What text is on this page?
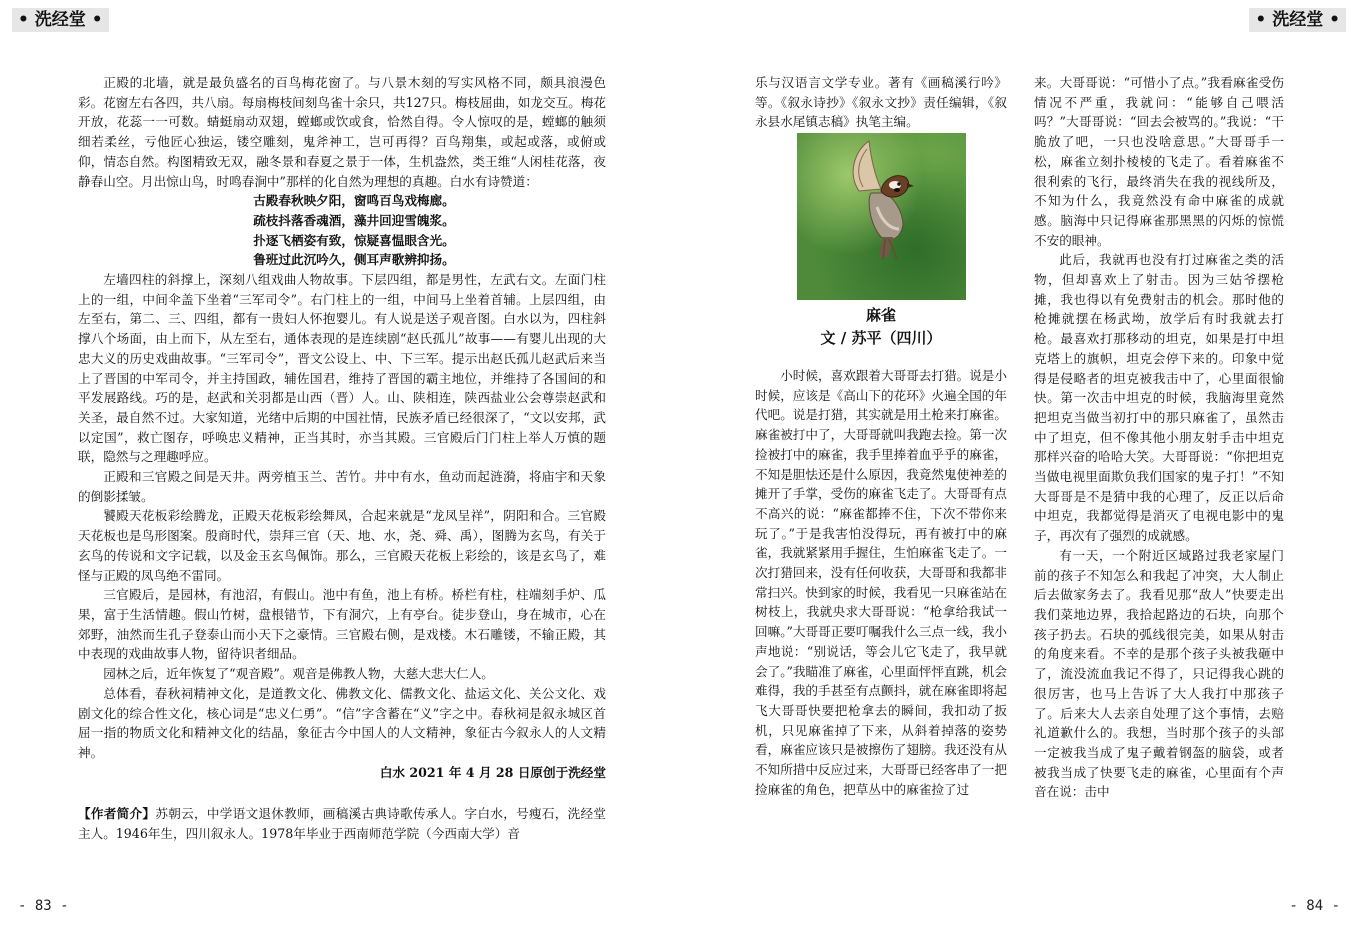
• 洗经堂 •

正殿的北墙，就是最负盛名的百鸟梅花窗了。与八景木刻的写实风格不同，颇具浪漫色彩。花窗左右各四，共八扇。每扇梅枝间刻鸟雀十余只，共127只。梅枝屈曲，如龙交互。梅花开放，花蕊一一可数。蜻蜓扇动双翅，螳螂或饮或食，恰然自得。令人惊叹的是，螳螂的触须细若柔丝，亏他匠心独运，镂空雕刻，鬼斧神工，岂可再得？百鸟翔集，或起或落，或俯或仰，情态自然。构图精致无双，融冬景和春夏之景于一体，生机盎然，类王维“人闲桂花落，夜静春山空。月出惊山鸟，时鸣春涧中”那样的化自然为理想的真趣。白水有诗赞道：

古殿春秋映夕阳，窗鸣百鸟戏梅廊。

疏枝抖落香魂酒，藻井回迎雪魄浆。

扑逐飞栖姿有致，惊疑喜愠眼含光。

鲁班过此沉吟久，侧耳声歌辨抑扬。

左墙四柱的斜撑上，深刻八组戏曲人物故事。下层四组，都是男性，左武右文。左面门柱上的一组，中间伞盖下坐着“三军司令”。右门柱上的一组，中间马上坐着首辅。上层四组，由左至右，第二、三、四组，都有一贵妇人怀抱婴儿。有人说是送子观音图。白水以为，四柱斜撑八个场面，由上而下，从左至右，通体表现的是连续剧“赵氏孤儿”故事——有婴儿出现的大忠大义的历史戏曲故事。“三军司令”，晋文公设上、中、下三军。提示出赵氏孤儿赵武后来当上了晋国的中军司令，并主持国政，辅佐国君，维持了晋国的霸主地位，并维持了各国间的和平发展路线。巧的是，赵武和关羽都是山西（晋）人。山、陕相连，陕西盐业公会尊崇赵武和关圣，最自然不过。大家知道，光绪中后期的中国社情，民族矛盾已经很深了，“文以安邦，武以定国”，救亡图存，呼唤忠义精神，正当其时，亦当其殿。三官殿后门门柱上举人万慎的题联，隐然与之理趣呼应。

正殿和三官殿之间是天井。两旁植玉兰、苦竹。井中有水，鱼动而起涟漪，将庙宇和天象的倒影揉皱。

饕殿天花板彩绘腾龙，正殿天花板彩绘舞凤，合起来就是“龙凤呈祥”，阴阳和合。三官殿天花板也是鸟形图案。殷商时代，崇拜三官（天、地、水，尧、舜、禹），图腾为玄鸟，有关于玄鸟的传说和文字记载，以及金玉玄鸟佩饰。那么，三官殿天花板上彩绘的，该是玄鸟了，难怪与正殿的凤鸟绝不雷同。

三官殿后，是园林，有池沼，有假山。池中有鱼，池上有桥。桥栏有柱，柱端刻手炉、瓜果，富于生活情趣。假山竹树，盘根错节，下有洞穴，上有亭台。徒步登山，身在城市，心在郊野，油然而生孔子登泰山而小天下之豪情。三官殿右侧，是戏楼。木石雕镂，不输正殿，其中表现的戏曲故事人物，留待识者细品。

园林之后，近年恢复了“观音殿”。观音是佛教人物，大慈大悲大仁人。

总体看，春秋祠精神文化，是道教文化、佛教文化、儒教文化、盐运文化、关公文化、戏剧文化的综合性文化，核心词是“忠义仁勇”。“信”字含蓄在“义”字之中。春秋祠是叙永城区首屈一指的物质文化和精神文化的结晶，象征古今中国人的人文精神，象征古今叙永人的人文精神。

白水 2021 年 4 月 28 日原创于洗经堂

【作者简介】苏朝云，中学语文退休教师，画稿溪古典诗歌传承人。字白水，号瘦石，洗经堂主人。1946年生，四川叙永人。1978年毕业于西南师范学院（今西南大学）音

- 83 -
• 洗经堂 •

乐与汉语言文学专业。著有《画稿溪行吟》等。《叙永诗抄》《叙永文抄》责任编辑，《叙永县水尾镇志稿》执笔主编。

麻雀
文 / 苏平（四川）

小时候，喜欢跟着大哥哥去打猎。说是小时候，应该是《高山下的花环》火遍全国的年代吧。说是打猎，其实就是用土枪来打麻雀。麻雀被打中了，大哥哥就叫我跑去捡。第一次捡被打中的麻雀，我手里捧着血乎乎的麻雀，不知是胆怯还是什么原因，我竟然鬼使神差的摊开了手掌，受伤的麻雀飞走了。大哥哥有点不高兴的说：“麻雀都捧不住，下次不带你来玩了。”于是我害怕没得玩，再有被打中的麻雀，我就紧紧用手握住，生怕麻雀飞走了。一次打猎回来，没有任何收获，大哥哥和我都非常扫兴。快到家的时候，我看见一只麻雀站在树枝上，我就央求大哥哥说：“枪拿给我试一回嘛。”大哥哥正要叮嘱我什么三点一线，我小声地说：“别说话，等会儿它飞走了，我早就会了。”我瞄准了麻雀，心里面怦怦直跳，机会难得，我的手甚至有点颤抖，就在麻雀即将起飞大哥哥快要把枪拿去的瞬间，我扣动了扳机，只见麻雀掉了下来，从斜着掉落的姿势看，麻雀应该只是被擦伤了翅膀。我还没有从不知所措中反应过来，大哥哥已经客串了一把捡麻雀的角色，把草丛中的麻雀捡了过

来。大哥哥说：“可惜小了点。”我看麻雀受伤情况不严重，我就问：“能够自己喂活吗？”大哥哥说：“回去会被骂的。”我说：“干脆放了吧，一只也没啥意思。”大哥哥手一松，麻雀立刻扑棱棱的飞走了。看着麻雀不很利索的飞行，最终消失在我的视线所及，不知为什么，我竟然没有命中麻雀的成就感。脑海中只记得麻雀那黑黑的闪烁的惊慌不安的眼神。

此后，我就再也没有打过麻雀之类的活物，但却喜欢上了射击。因为三姑爷摆枪摊，我也得以有免费射击的机会。那时他的枪摊就摆在杨武坳，放学后有时我就去打枪。最喜欢打那移动的坦克，如果是打中坦克塔上的旗帜，坦克会停下来的。印象中觉得是侵略者的坦克被我击中了，心里面很愉快。第一次击中坦克的时候，我脑海里竟然把坦克当做当初打中的那只麻雀了，虽然击中了坦克，但不像其他小朋友射手击中坦克那样兴奋的哈哈大笑。大哥哥说：“你把坦克当做电视里面欺负我们国家的鬼子打！”不知大哥哥是不是猜中我的心理了，反正以后命中坦克，我都觉得是消灭了电视电影中的鬼子，再次有了强烈的成就感。

有一天，一个附近区域路过我老家屋门前的孩子不知怎么和我起了冲突，大人制止后去做家务去了。我看见那“敌人”快要走出我们菜地边界，我拾起路边的石块，向那个孩子扔去。石块的弧线很完美，如果从射击的角度来看。不幸的是那个孩子头被我砸中了，流没流血我记不得了，只记得我心跳的很厉害，也马上告诉了大人我打中那孩子了。后来大人去亲自处理了这个事情，去赔礼道歉什么的。我想，当时那个孩子的头部一定被我当成了鬼子戴着钢盔的脑袋，或者被我当成了快要飞走的麻雀，心里面有个声音在说：击中

- 84 -
